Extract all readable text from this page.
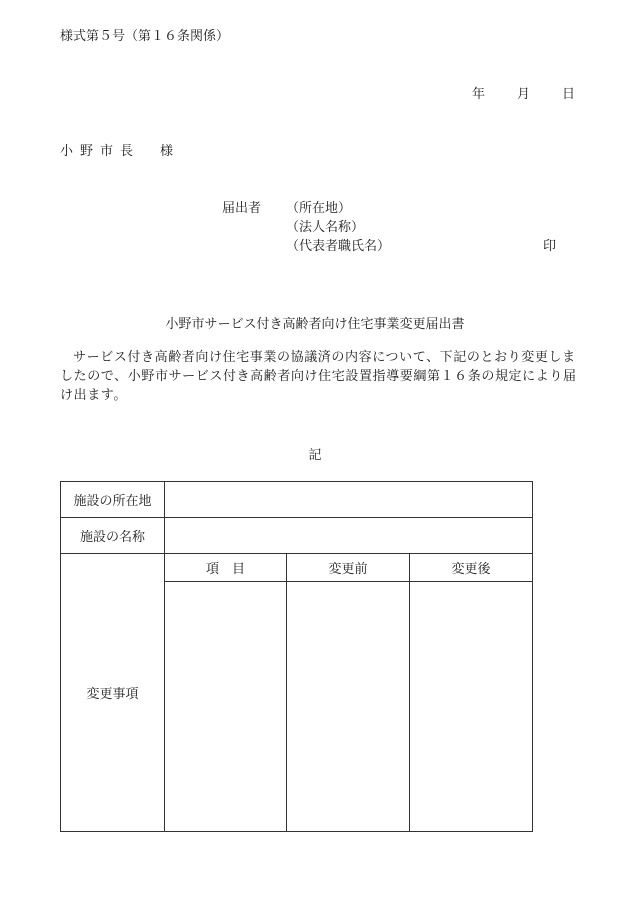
様式第５号（第１６条関係）
年 月 日
小野市長　様
届出者 （所在地）
（法人名称）
（代表者職氏名）	印
小野市サービス付き高齢者向け住宅事業変更届出書
サービス付き高齢者向け住宅事業の協議済の内容について、下記のとおり変更しましたので、小野市サービス付き高齢者向け住宅設置指導要綱第１６条の規定により届け出ます。
記
施設の所在地			
施設の名称			
変更事項	項　目	変更前	変更後
